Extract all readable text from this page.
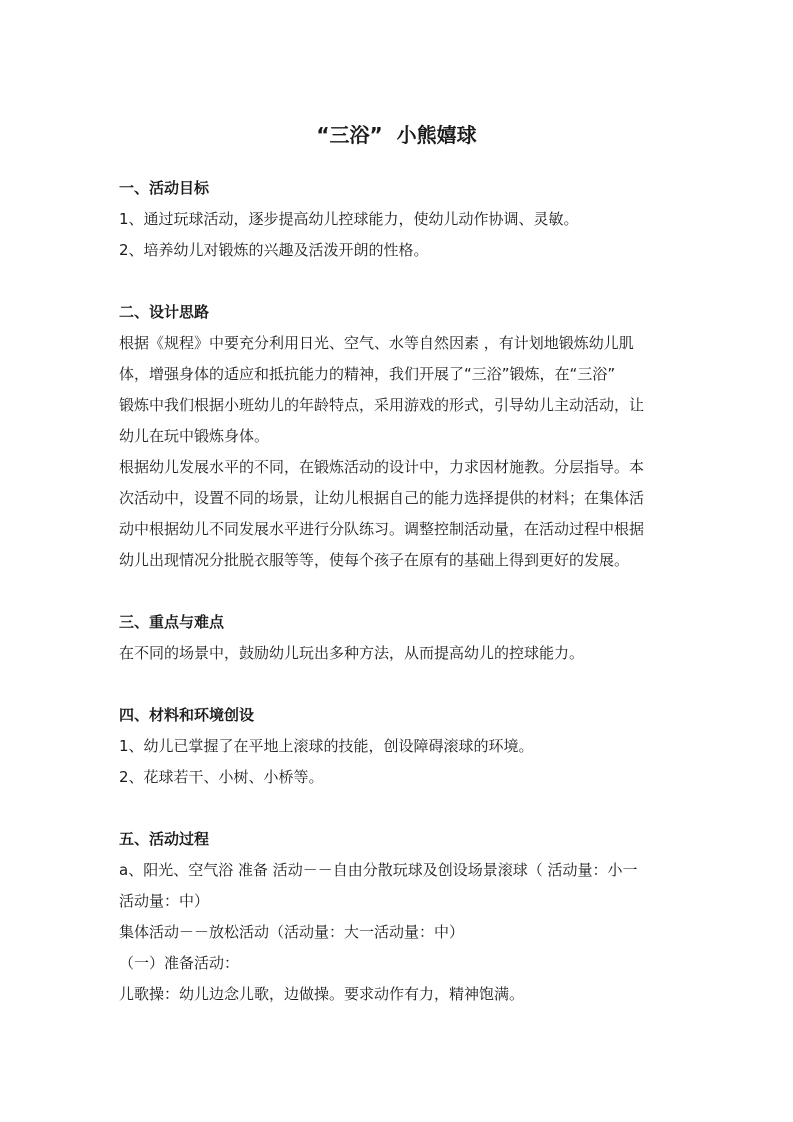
“三浴”  小熊嬉球

一、活动目标

1、通过玩球活动，逐步提高幼儿控球能力，使幼儿动作协调、灵敏。

2、培养幼儿对锻炼的兴趣及活泼开朗的性格。

二、设计思路

根据《规程》中要充分利用日光、空气、水等自然因素 ，有计划地锻炼幼儿肌

体，增强身体的适应和抵抗能力的精神，我们开展了“三浴”锻炼，在“三浴”

锻炼中我们根据小班幼儿的年龄特点，采用游戏的形式，引导幼儿主动活动，让

幼儿在玩中锻炼身体。

根据幼儿发展水平的不同，在锻炼活动的设计中，力求因材施教。分层指导。本

次活动中，设置不同的场景，让幼儿根据自己的能力选择提供的材料；在集体活

动中根据幼儿不同发展水平进行分队练习。调整控制活动量，在活动过程中根据

幼儿出现情况分批脱衣服等等，使每个孩子在原有的基础上得到更好的发展。

三、重点与难点

在不同的场景中，鼓励幼儿玩出多种方法，从而提高幼儿的控球能力。

四、材料和环境创设

1、幼儿已掌握了在平地上滚球的技能，创设障碍滚球的环境。

2、花球若干、小树、小桥等。

五、活动过程

a、阳光、空气浴 准备 活动－－自由分散玩球及创设场景滚球（ 活动量：小一

活动量：中）

集体活动－－放松活动（活动量：大一活动量：中）

（一）准备活动：

儿歌操：幼儿边念儿歌，边做操。要求动作有力，精神饱满。
